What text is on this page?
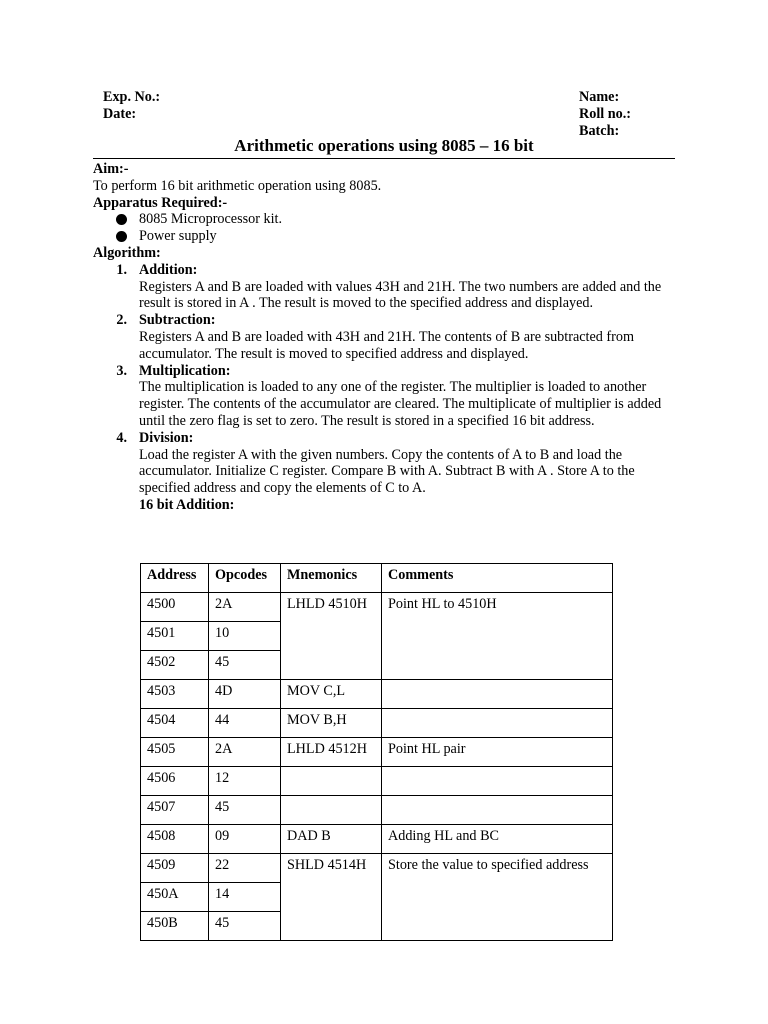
Exp. No.:
Date:
Name:
Roll no.:
Batch:
Arithmetic operations using 8085 – 16 bit

Aim:-

To perform 16 bit arithmetic operation using 8085.

Apparatus Required:-

8085 Microprocessor kit.
Power supply

Algorithm:

1. Addition:
Registers A and B are loaded with values 43H and 21H. The two numbers are added and the result is stored in A . The result is moved to the specified address and displayed.
2. Subtraction:
Registers A and B are loaded with 43H and 21H. The contents of B are subtracted from accumulator. The result is moved to specified address and displayed.
3. Multiplication:
The multiplication is loaded to any one of the register. The multiplier is loaded to another register. The contents of the accumulator are cleared. The multiplicate of multiplier is added until the zero flag is set to zero. The result is stored in a specified 16 bit address.
4. Division:
Load the register A with the given numbers. Copy the contents of A to B and load the accumulator. Initialize C register. Compare B with A. Subtract B with A . Store A to the specified address and copy the elements of C to A.
16 bit Addition:
Address	Opcodes	Mnemonics	Comments
4500	2A	LHLD 4510H	Point HL to 4510H
4501	10		
4502	45		
4503	4D	MOV C,L	
4504	44	MOV B,H	
4505	2A	LHLD 4512H	Point HL pair
4506	12		
4507	45		
4508	09	DAD B	Adding HL and BC
4509	22	SHLD 4514H	Store the value to specified address
450A	14		
450B	45		
